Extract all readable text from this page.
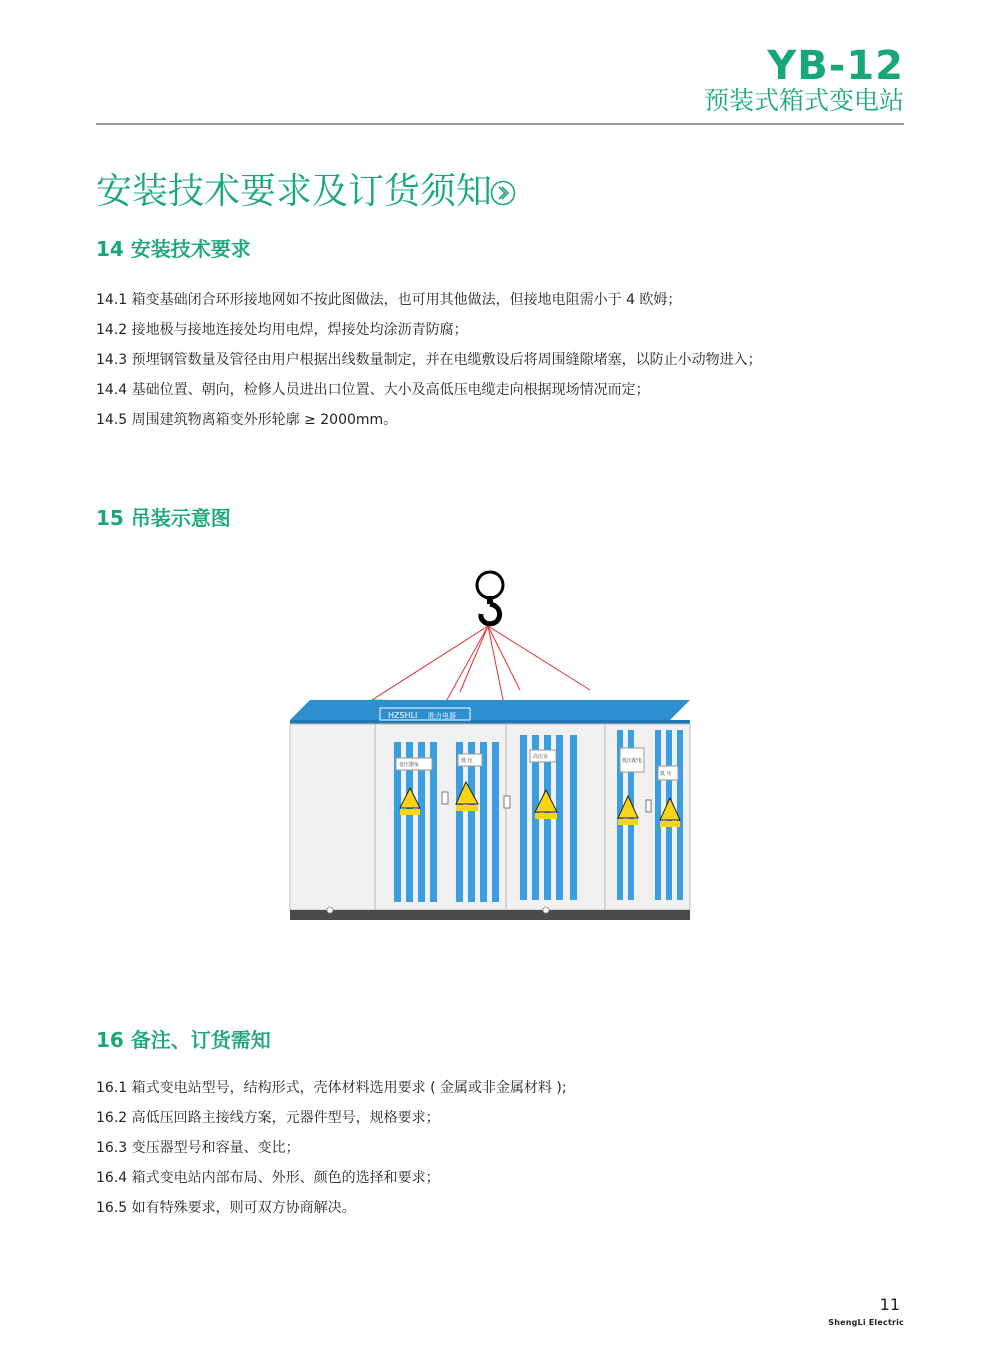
YB-12
预装式箱式变电站
安装技术要求及订货须知
14 安装技术要求
14.1 箱变基础闭合环形接地网如不按此图做法，也可用其他做法，但接地电阻需小于 4 欧姆；
14.2 接地极与接地连接处均用电焊，焊接处均涂沥青防腐；
14.3 预埋钢管数量及管径由用户根据出线数量制定，并在电缆敷设后将周围缝隙堵塞，以防止小动物进入；
14.4 基础位置、朝向，检修人员进出口位置、大小及高低压电缆走向根据现场情况而定；
14.5 周围建筑物离箱变外形轮廓 ≥ 2000mm。
15 吊装示意图
HZSHLI 胜力电器
变压器室
低 压
高压室
低压配电
低 压
16 备注、订货需知
16.1 箱式变电站型号，结构形式，壳体材料选用要求 ( 金属或非金属材料 );
16.2 高低压回路主接线方案，元器件型号，规格要求；
16.3 变压器型号和容量、变比；
16.4 箱式变电站内部布局、外形、颜色的选择和要求；
16.5 如有特殊要求，则可双方协商解决。
11
ShengLi Electric
